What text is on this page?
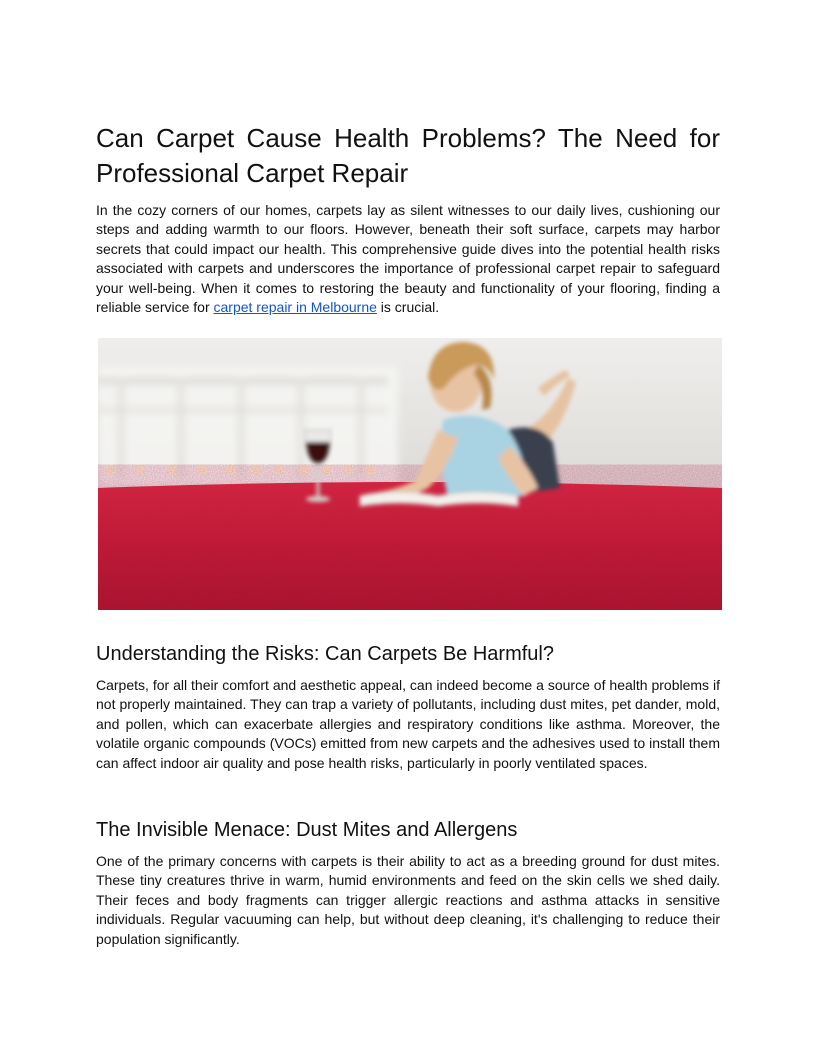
Can Carpet Cause Health Problems? The Need for Professional Carpet Repair

In the cozy corners of our homes, carpets lay as silent witnesses to our daily lives, cushioning our steps and adding warmth to our floors. However, beneath their soft surface, carpets may harbor secrets that could impact our health. This comprehensive guide dives into the potential health risks associated with carpets and underscores the importance of professional carpet repair to safeguard your well-being. When it comes to restoring the beauty and functionality of your flooring, finding a reliable service for carpet repair in Melbourne is crucial.

Understanding the Risks: Can Carpets Be Harmful?

Carpets, for all their comfort and aesthetic appeal, can indeed become a source of health problems if not properly maintained. They can trap a variety of pollutants, including dust mites, pet dander, mold, and pollen, which can exacerbate allergies and respiratory conditions like asthma. Moreover, the volatile organic compounds (VOCs) emitted from new carpets and the adhesives used to install them can affect indoor air quality and pose health risks, particularly in poorly ventilated spaces.

The Invisible Menace: Dust Mites and Allergens

One of the primary concerns with carpets is their ability to act as a breeding ground for dust mites. These tiny creatures thrive in warm, humid environments and feed on the skin cells we shed daily. Their feces and body fragments can trigger allergic reactions and asthma attacks in sensitive individuals. Regular vacuuming can help, but without deep cleaning, it's challenging to reduce their population significantly.
